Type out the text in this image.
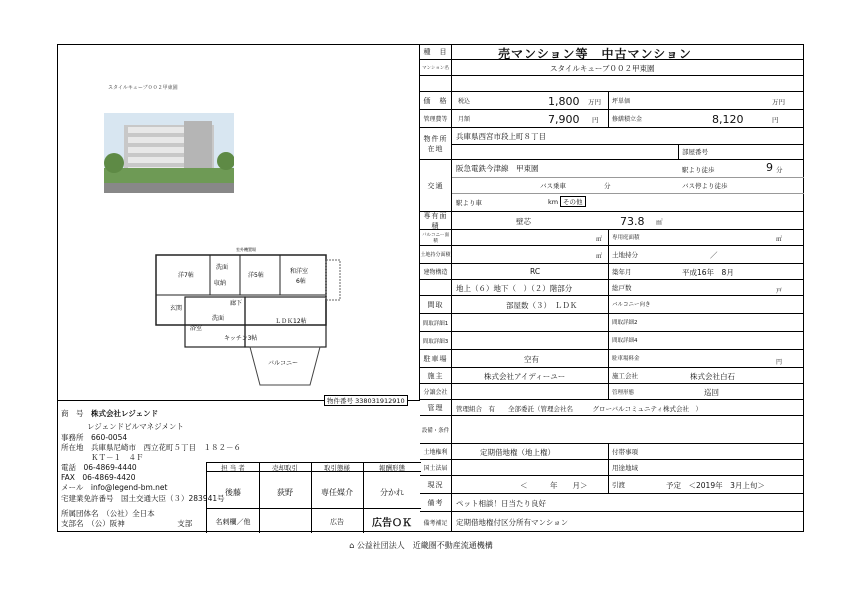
スタイルキューブ００２甲東園
洋7帖
洗面
洋5帖
和洋室
6帖
収納
廊下
玄関
浴室
洗面	ＬＤＫ12帖
キッチン3帖
バルコニー
室外機置場
物件番号 338031912910
商　号　 株式会社レジェンド
レジェンドビルマネジメント
事務所　 660-0054
所在地　 兵庫県尼崎市　西立花町５丁目　１８２－６
ＫＴ－１　４Ｆ
電話　 06-4869-4440
FAX　 06-4869-4420
メール　 info@legend-bm.net
宅建業免許番号　 国土交通大臣（３）283941号
所属団体名　 （公社）全日本
支部名　 （公）阪神　　　　　　　支部
担 当 者	売却取引	取引態様	報酬形態
後藤	荻野	専任媒介	分かれ
名刺欄／他	広告	広告ＯＫ
種　目	売マンション等　中古マンション
マンション名	スタイルキューブ００２甲東園
価　格	税込	1,800 万円 坪単価	万円
管理費等	月額	7,900 円 修繕積立金	8,120	円
物件所在地
兵庫県西宮市段上町８丁目
部屋番号
交通
阪急電鉄今津線　甲東園	駅より徒歩	9 分
バス乗車	分	バス停より徒歩
駅より車	km その他
専有面積	壁芯	73.8 ㎡
バルコニー面積	㎡ 専用庭面積	㎡
土地持分面積	㎡ 土地持分	／
建物構造	RC	築年月	平成16年　8月
地上（６）地下（　）（２）階部分	総戸数	戸
間取	部屋数（３）　ＬＤＫ	バルコニー向き
間取詳細1	間取詳細2
間取詳細3	間取詳細4
駐車場	空有	駐車場料金	円
施主	株式会社アイディーユー	施工会社	株式会社白石
分譲会社	管理形態	巡回
管理	管理組合　有　　全部委託（管理会社名　　　グローバルコミュニティ株式会社　）
設備・条件
土地権利	定期借地権（地上権）	付帯事項
国土法届	用途地域
現況	＜　　　年　　月＞	引渡	予定　＜2019年　3月上旬＞
備考	ペット相談！日当たり良好
備考補足	定期借地権付区分所有マンション
⌂ 公益社団法人　近畿圏不動産流通機構
